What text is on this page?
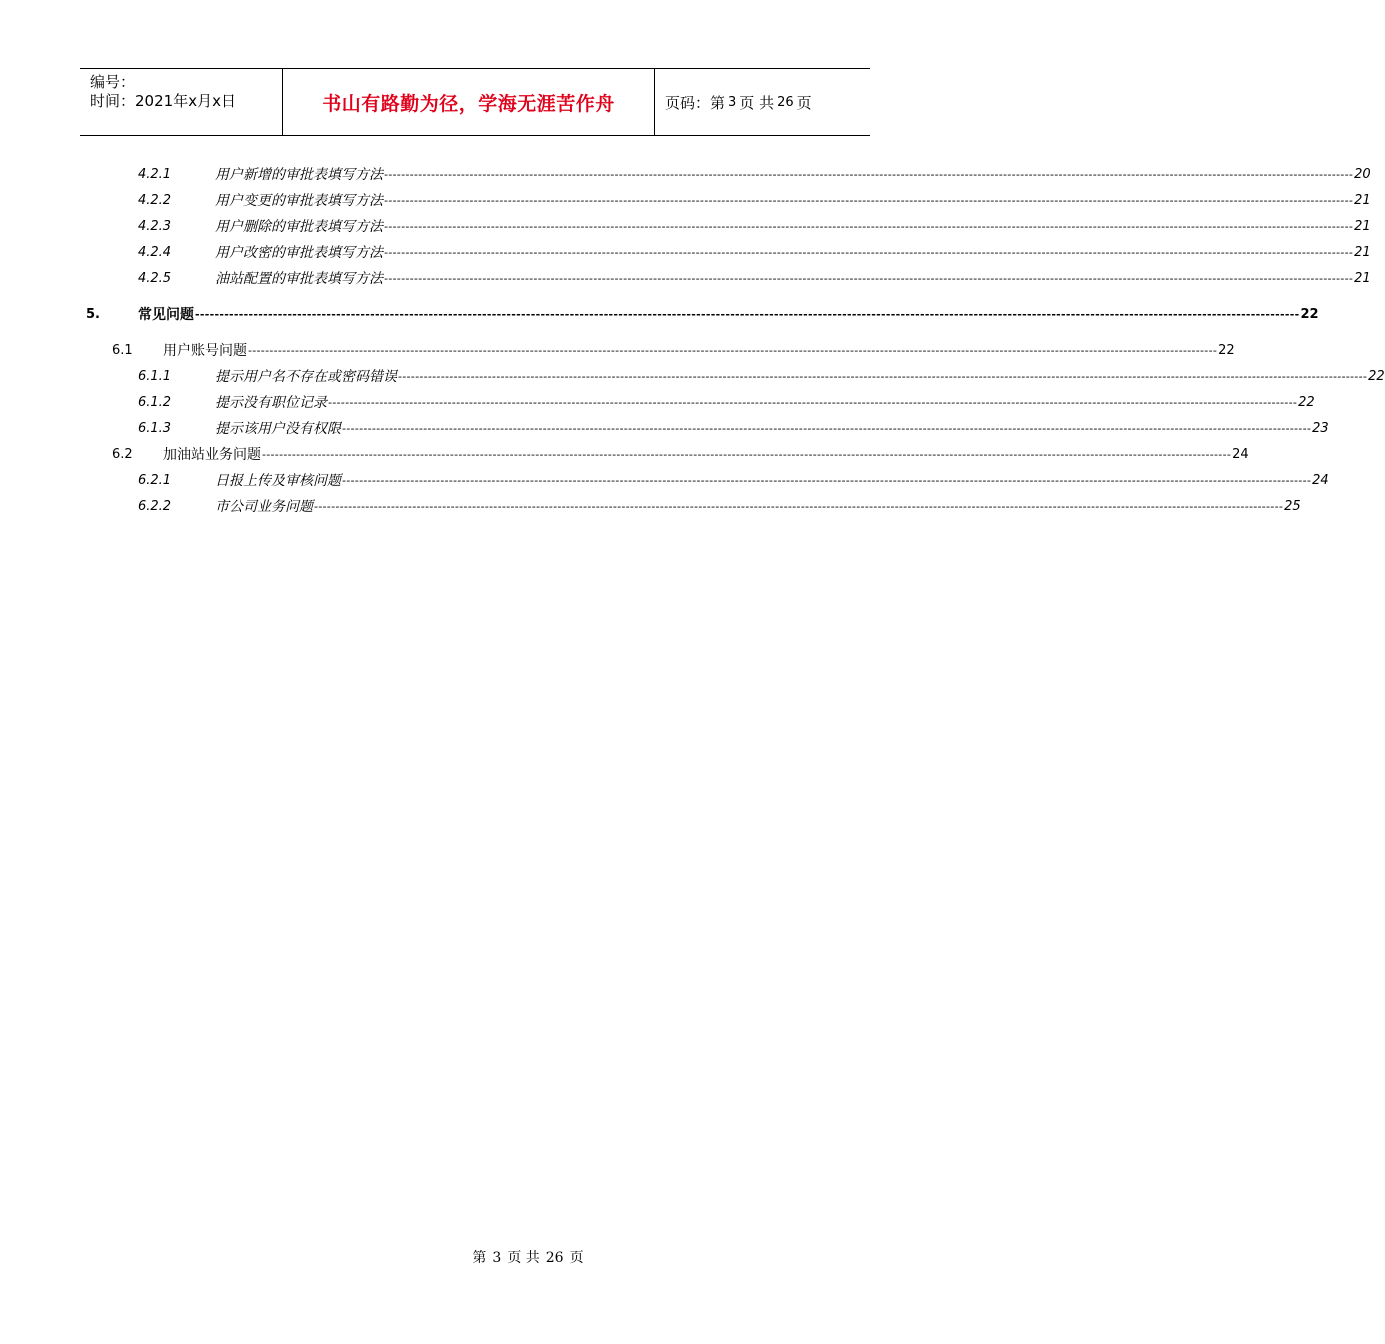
编号：
时间：2021年x月x日	书山有路勤为径，学海无涯苦作舟	页码：第 3 页 共 26 页
4.2.1	用户新增的审批表填写方法 ----------------------------------------------------------------------------------------------------------------------------------------------------------------------------------------------------------------------------------- 20
4.2.2	用户变更的审批表填写方法 ----------------------------------------------------------------------------------------------------------------------------------------------------------------------------------------------------------------------------------- 21
4.2.3	用户删除的审批表填写方法 ----------------------------------------------------------------------------------------------------------------------------------------------------------------------------------------------------------------------------------- 21
4.2.4	用户改密的审批表填写方法 ----------------------------------------------------------------------------------------------------------------------------------------------------------------------------------------------------------------------------------- 21
4.2.5	油站配置的审批表填写方法 ----------------------------------------------------------------------------------------------------------------------------------------------------------------------------------------------------------------------------------- 21
5.	常见问题 ----------------------------------------------------------------------------------------------------------------------------------------------------------------------------------------------------------------------------------- 22
6.1	用户账号问题 ----------------------------------------------------------------------------------------------------------------------------------------------------------------------------------------------------------------------------------- 22
6.1.1	提示用户名不存在或密码错误 ----------------------------------------------------------------------------------------------------------------------------------------------------------------------------------------------------------------------------------- 22
6.1.2	提示没有职位记录 ----------------------------------------------------------------------------------------------------------------------------------------------------------------------------------------------------------------------------------- 22
6.1.3	提示该用户没有权限 ----------------------------------------------------------------------------------------------------------------------------------------------------------------------------------------------------------------------------------- 23
6.2	加油站业务问题 ----------------------------------------------------------------------------------------------------------------------------------------------------------------------------------------------------------------------------------- 24
6.2.1	日报上传及审核问题 ----------------------------------------------------------------------------------------------------------------------------------------------------------------------------------------------------------------------------------- 24
6.2.2	市公司业务问题 ----------------------------------------------------------------------------------------------------------------------------------------------------------------------------------------------------------------------------------- 25
第 3 页 共 26 页
